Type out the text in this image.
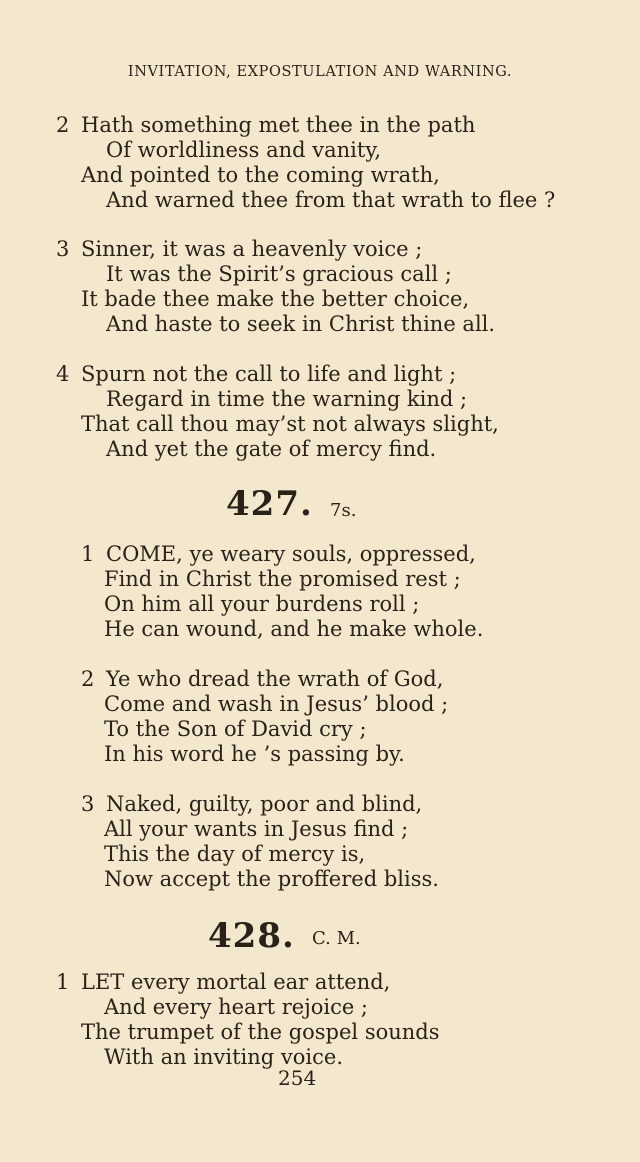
INVITATION, EXPOSTULATION AND WARNING.
2 Hath something met thee in the path
Of worldliness and vanity,
And pointed to the coming wrath,
And warned thee from that wrath to flee ?
3 Sinner, it was a heavenly voice ;
It was the Spirit’s gracious call ;
It bade thee make the better choice,
And haste to seek in Christ thine all.
4 Spurn not the call to life and light ;
Regard in time the warning kind ;
That call thou may’st not always slight,
And yet the gate of mercy find.
427. 7s.
1 COME, ye weary souls, oppressed,
Find in Christ the promised rest ;
On him all your burdens roll ;
He can wound, and he make whole.
2 Ye who dread the wrath of God,
Come and wash in Jesus’ blood ;
To the Son of David cry ;
In his word he ’s passing by.
3 Naked, guilty, poor and blind,
All your wants in Jesus find ;
This the day of mercy is,
Now accept the proffered bliss.
428. C. M.
1 LET every mortal ear attend,
And every heart rejoice ;
The trumpet of the gospel sounds
With an inviting voice.
254
